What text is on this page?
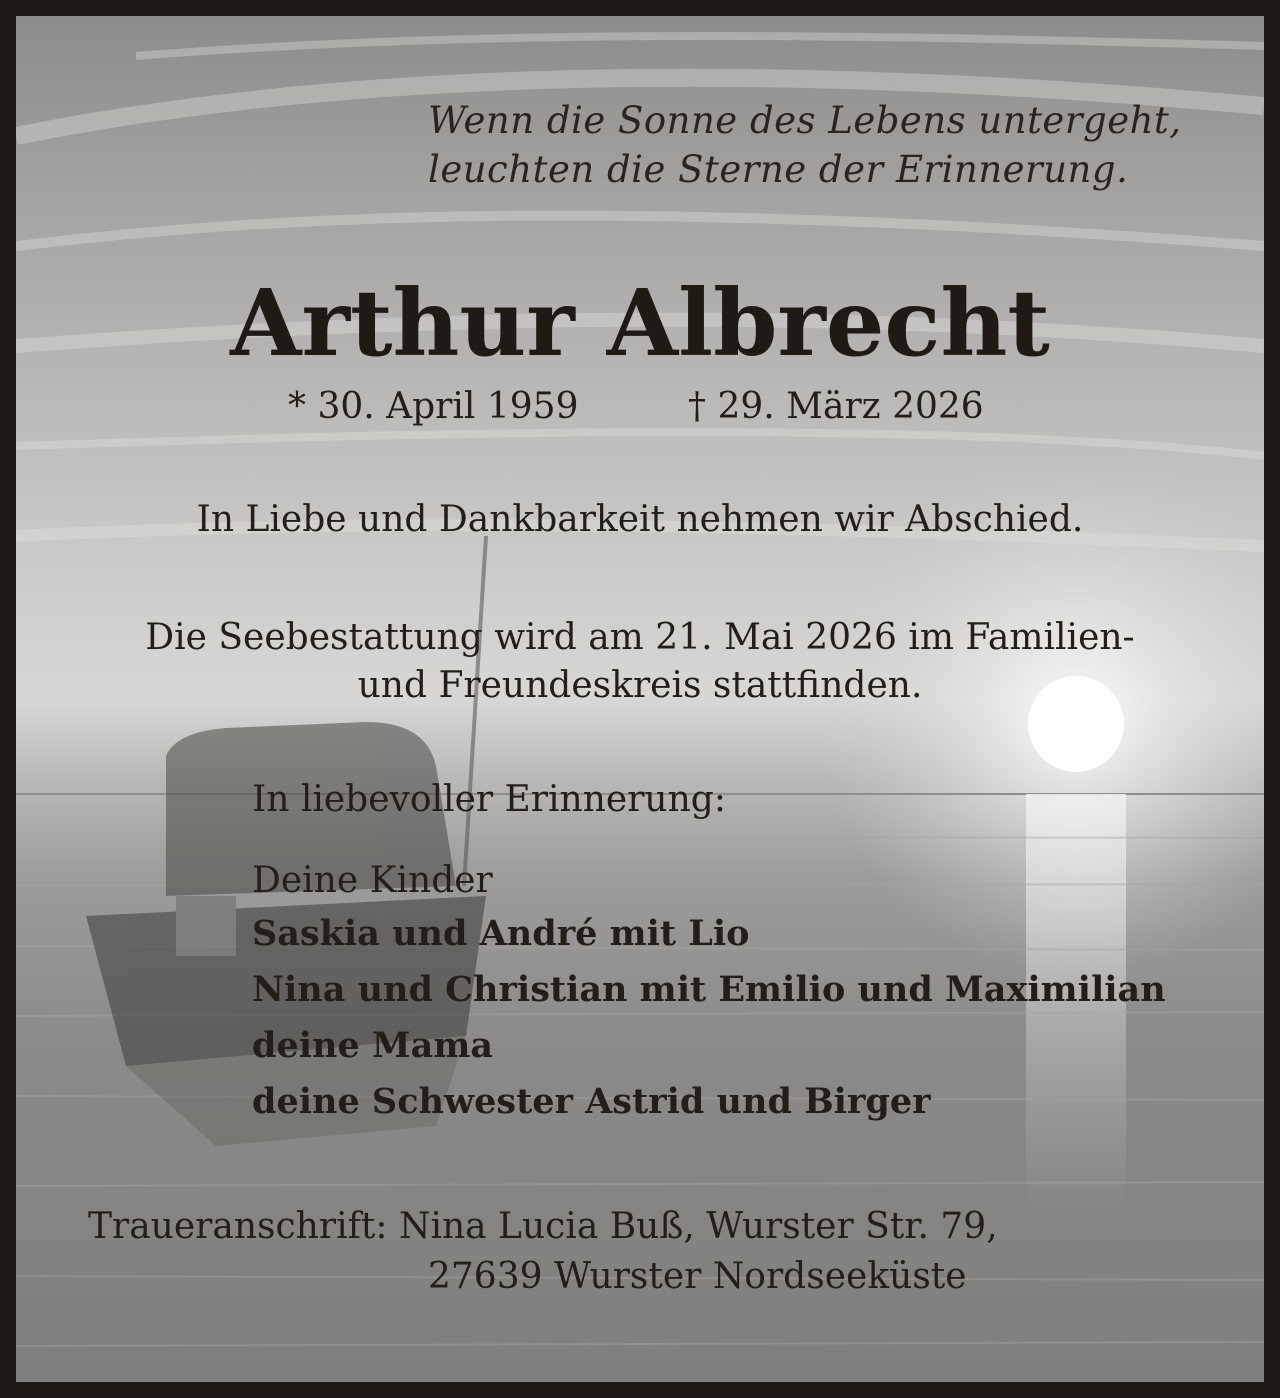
Wenn die Sonne des Lebens untergeht,
leuchten die Sterne der Erinnerung.
Arthur Albrecht
* 30. April 1959	† 29. März 2026
In Liebe und Dankbarkeit nehmen wir Abschied.
Die Seebestattung wird am 21. Mai 2026 im Familien-
und Freundeskreis stattfinden.
In liebevoller Erinnerung:
Deine Kinder
Saskia und André mit Lio
Nina und Christian mit Emilio und Maximilian
deine Mama
deine Schwester Astrid und Birger
Traueranschrift: Nina Lucia Buß, Wurster Str. 79,
27639 Wurster Nordseeküste
